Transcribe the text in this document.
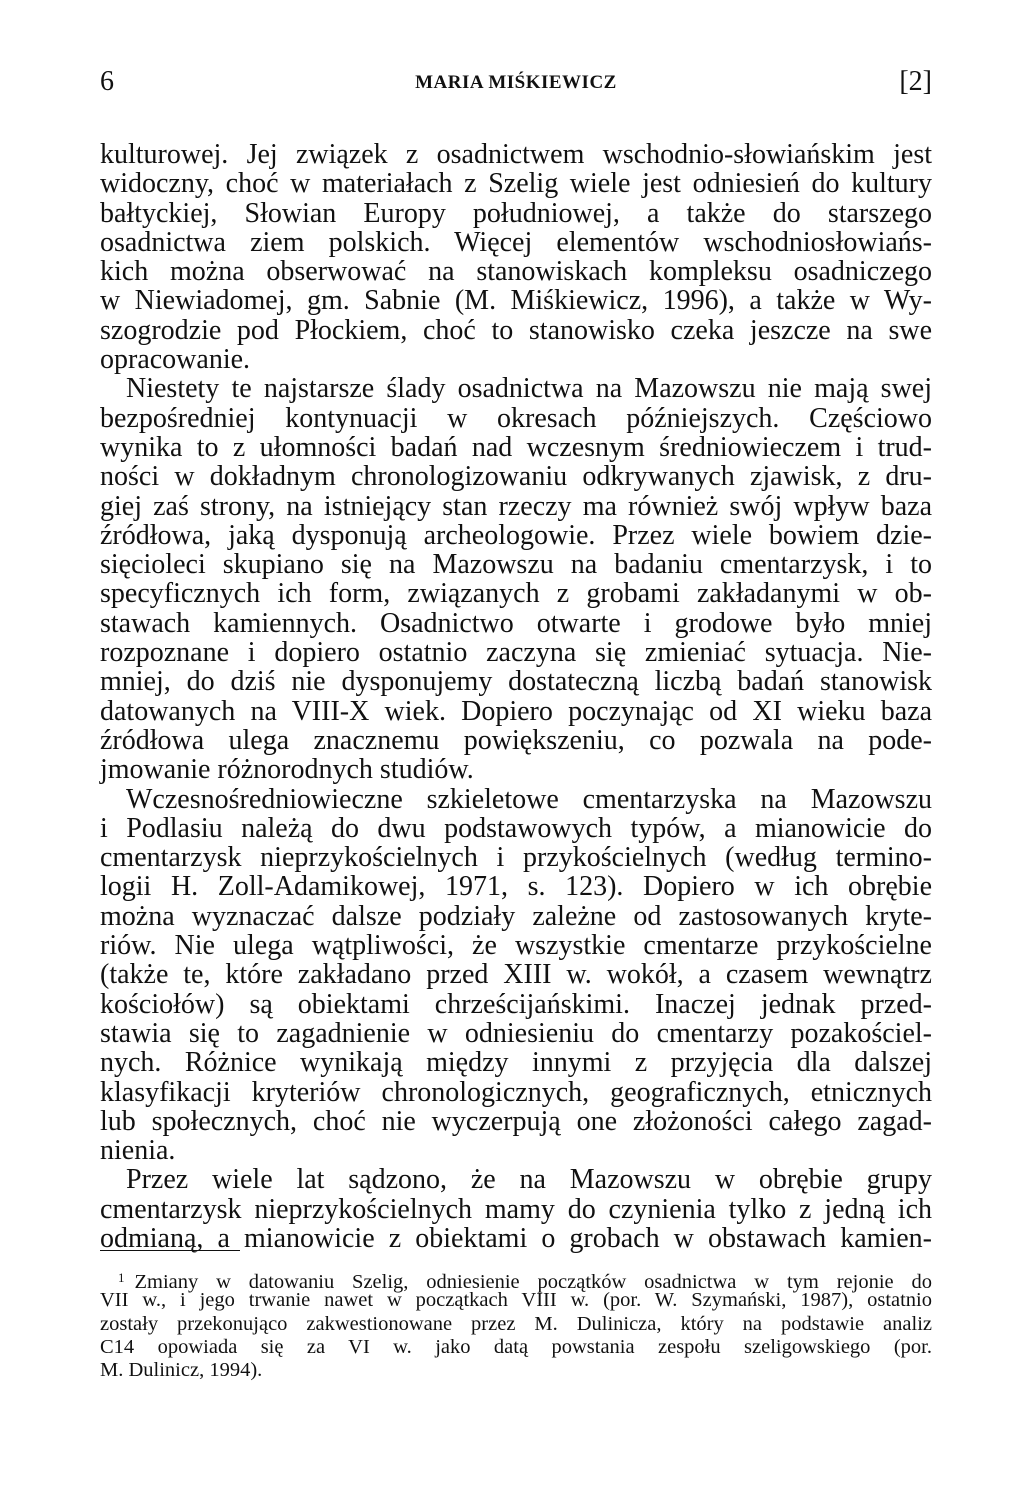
6	MARIA MIŚKIEWICZ	[2]
kulturowej. Jej związek z osadnictwem wschodnio-słowiańskim jest
widoczny, choć w materiałach z Szelig wiele jest odniesień do kultury
bałtyckiej, Słowian Europy południowej, a także do starszego
osadnictwa ziem polskich. Więcej elementów wschodniosłowiańs-
kich można obserwować na stanowiskach kompleksu osadniczego
w Niewiadomej, gm. Sabnie (M. Miśkiewicz, 1996), a także w Wy-
szogrodzie pod Płockiem, choć to stanowisko czeka jeszcze na swe
opracowanie.
Niestety te najstarsze ślady osadnictwa na Mazowszu nie mają swej
bezpośredniej kontynuacji w okresach późniejszych. Częściowo
wynika to z ułomności badań nad wczesnym średniowieczem i trud-
ności w dokładnym chronologizowaniu odkrywanych zjawisk, z dru-
giej zaś strony, na istniejący stan rzeczy ma również swój wpływ baza
źródłowa, jaką dysponują archeologowie. Przez wiele bowiem dzie-
sięcioleci skupiano się na Mazowszu na badaniu cmentarzysk, i to
specyficznych ich form, związanych z grobami zakładanymi w ob-
stawach kamiennych. Osadnictwo otwarte i grodowe było mniej
rozpoznane i dopiero ostatnio zaczyna się zmieniać sytuacja. Nie-
mniej, do dziś nie dysponujemy dostateczną liczbą badań stanowisk
datowanych na VIII-X wiek. Dopiero poczynając od XI wieku baza
źródłowa ulega znacznemu powiększeniu, co pozwala na pode-
jmowanie różnorodnych studiów.
Wczesnośredniowieczne szkieletowe cmentarzyska na Mazowszu
i Podlasiu należą do dwu podstawowych typów, a mianowicie do
cmentarzysk nieprzykościelnych i przykościelnych (według termino-
logii H. Zoll-Adamikowej, 1971, s. 123). Dopiero w ich obrębie
można wyznaczać dalsze podziały zależne od zastosowanych kryte-
riów. Nie ulega wątpliwości, że wszystkie cmentarze przykościelne
(także te, które zakładano przed XIII w. wokół, a czasem wewnątrz
kościołów) są obiektami chrześcijańskimi. Inaczej jednak przed-
stawia się to zagadnienie w odniesieniu do cmentarzy pozakościel-
nych. Różnice wynikają między innymi z przyjęcia dla dalszej
klasyfikacji kryteriów chronologicznych, geograficznych, etnicznych
lub społecznych, choć nie wyczerpują one złożoności całego zagad-
nienia.
Przez wiele lat sądzono, że na Mazowszu w obrębie grupy
cmentarzysk nieprzykościelnych mamy do czynienia tylko z jedną ich
odmianą, a mianowicie z obiektami o grobach w obstawach kamien-
$^1$ Zmiany w datowaniu Szelig, odniesienie początków osadnictwa w tym rejonie do
VII w., i jego trwanie nawet w początkach VIII w. (por. W. Szymański, 1987), ostatnio
zostały przekonująco zakwestionowane przez M. Dulinicza, który na podstawie analiz
C14 opowiada się za VI w. jako datą powstania zespołu szeligowskiego (por.
M. Dulinicz, 1994).
